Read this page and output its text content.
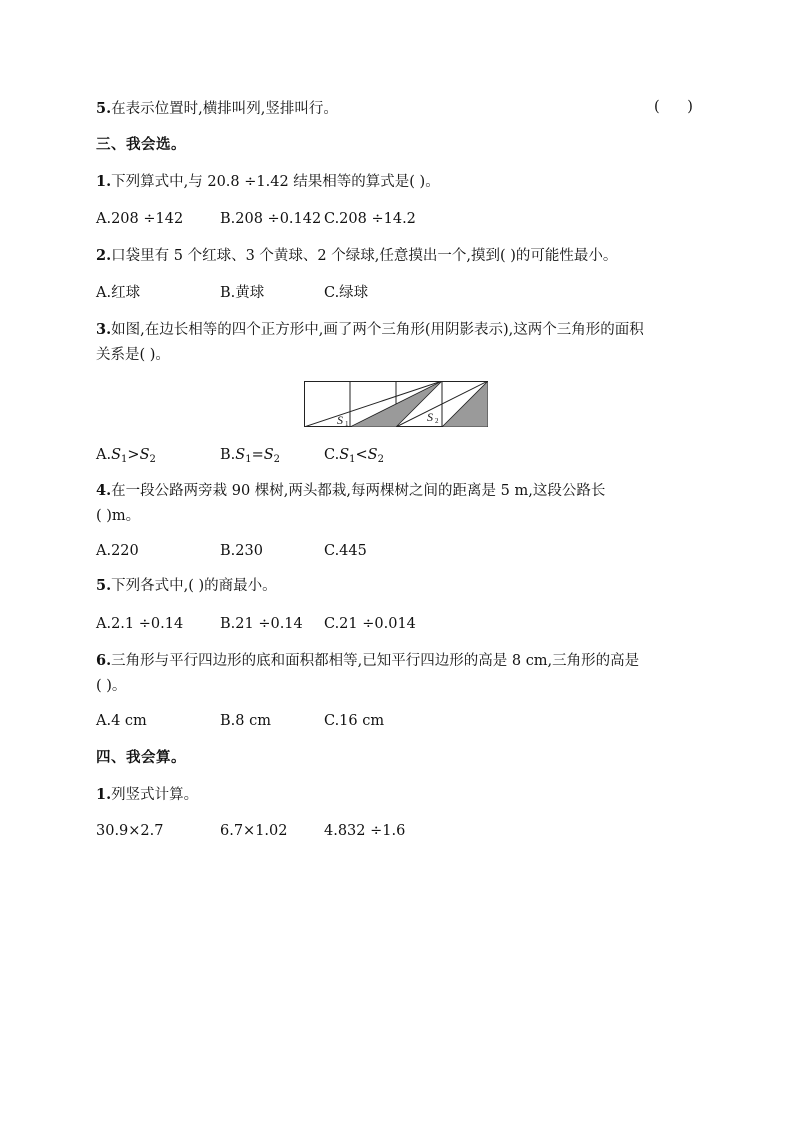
5.在表示位置时,横排叫列,竖排叫行。	(      )
三、我会选。
1.下列算式中,与 20.8 ÷1.42 结果相等的算式是( )。
A.208 ÷142	B.208 ÷0.142 C.208 ÷14.2
2.口袋里有 5 个红球、3 个黄球、2 个绿球,任意摸出一个,摸到( )的可能性最小。
A.红球	B.黄球	C.绿球
3.如图,在边长相等的四个正方形中,画了两个三角形(用阴影表示),这两个三角形的面积
关系是( )。
S 1	S 2
$A.S_1>S_2$	$B.S_1=S_2$	$C.S_1<S_2$
4.在一段公路两旁栽 90 棵树,两头都栽,每两棵树之间的距离是 5 m,这段公路长
( )m。
A.220	B.230	C.445
5.下列各式中,( )的商最小。
A.2.1 ÷0.14	B.21 ÷0.14 C.21 ÷0.014
6.三角形与平行四边形的底和面积都相等,已知平行四边形的高是 8 cm,三角形的高是
( )。
A.4 cm	B.8 cm	C.16 cm
四、我会算。
1.列竖式计算。
30.9×2.7	6.7×1.02	4.832 ÷1.6
